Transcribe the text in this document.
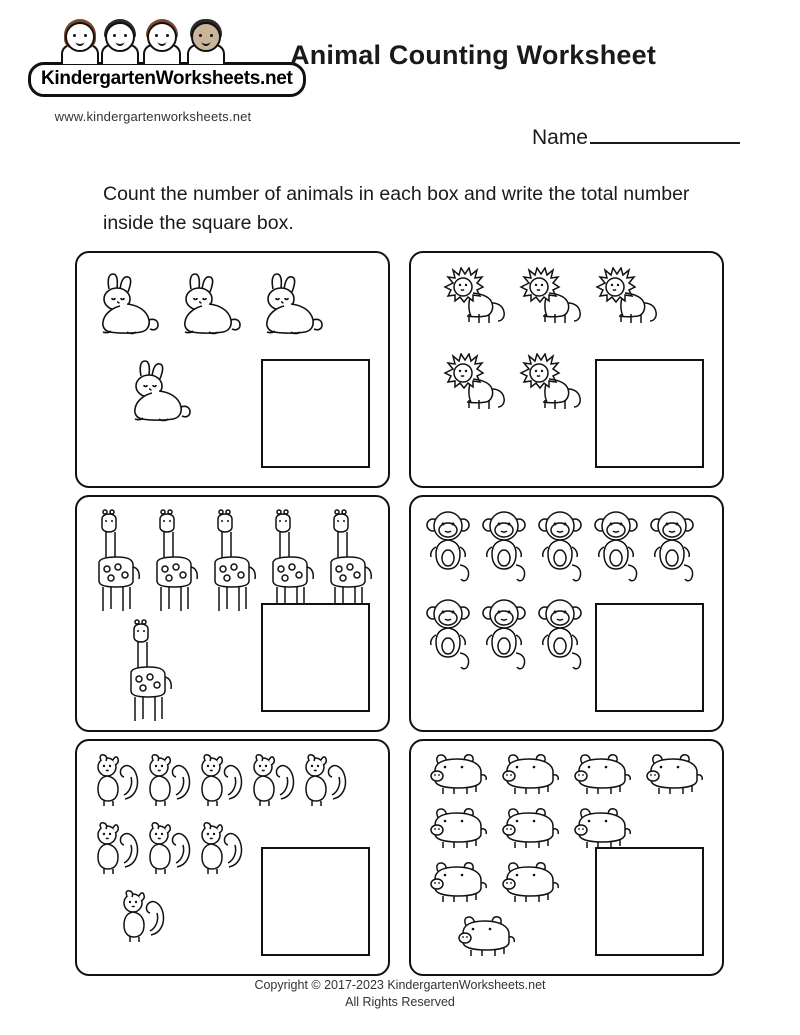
KindergartenWorksheets.net
www.kindergartenworksheets.net
Animal Counting Worksheet
Name
Count the number of animals in each box and write the total number inside the square box.
Copyright © 2017-2023 KindergartenWorksheets.net
All Rights Reserved
